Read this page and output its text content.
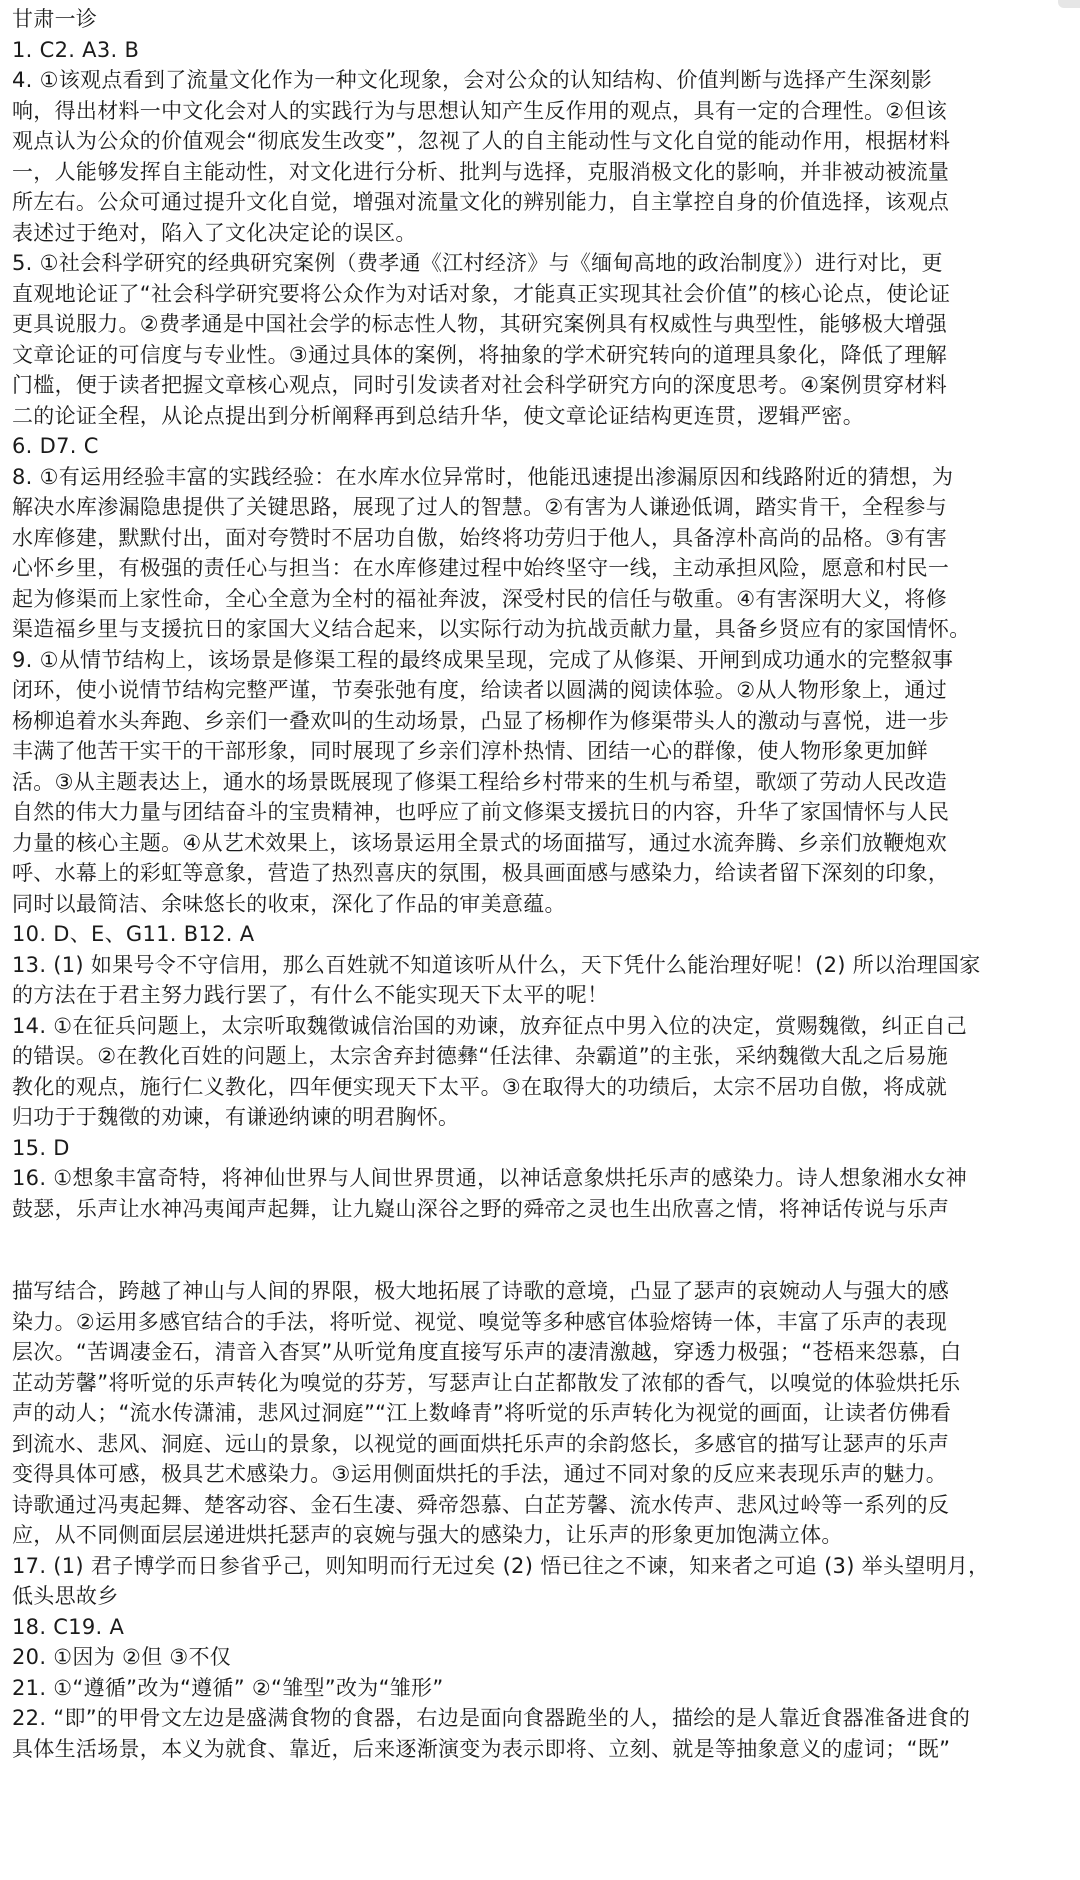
甘肃一诊
1. C2. A3. B
4. ①该观点看到了流量文化作为一种文化现象，会对公众的认知结构、价值判断与选择产生深刻影
响，得出材料一中文化会对人的实践行为与思想认知产生反作用的观点，具有一定的合理性。②但该
观点认为公众的价值观会“彻底发生改变”，忽视了人的自主能动性与文化自觉的能动作用，根据材料
一，人能够发挥自主能动性，对文化进行分析、批判与选择，克服消极文化的影响，并非被动被流量
所左右。公众可通过提升文化自觉，增强对流量文化的辨别能力，自主掌控自身的价值选择，该观点
表述过于绝对，陷入了文化决定论的误区。
5. ①社会科学研究的经典研究案例（费孝通《江村经济》与《缅甸高地的政治制度》）进行对比，更
直观地论证了“社会科学研究要将公众作为对话对象，才能真正实现其社会价值”的核心论点，使论证
更具说服力。②费孝通是中国社会学的标志性人物，其研究案例具有权威性与典型性，能够极大增强
文章论证的可信度与专业性。③通过具体的案例，将抽象的学术研究转向的道理具象化，降低了理解
门槛，便于读者把握文章核心观点，同时引发读者对社会科学研究方向的深度思考。④案例贯穿材料
二的论证全程，从论点提出到分析阐释再到总结升华，使文章论证结构更连贯，逻辑严密。
6. D7. C
8. ①有运用经验丰富的实践经验：在水库水位异常时，他能迅速提出渗漏原因和线路附近的猜想，为
解决水库渗漏隐患提供了关键思路，展现了过人的智慧。②有害为人谦逊低调，踏实肯干，全程参与
水库修建，默默付出，面对夸赞时不居功自傲，始终将功劳归于他人，具备淳朴高尚的品格。③有害
心怀乡里，有极强的责任心与担当：在水库修建过程中始终坚守一线，主动承担风险，愿意和村民一
起为修渠而上家性命，全心全意为全村的福祉奔波，深受村民的信任与敬重。④有害深明大义，将修
渠造福乡里与支援抗日的家国大义结合起来，以实际行动为抗战贡献力量，具备乡贤应有的家国情怀。
9. ①从情节结构上，该场景是修渠工程的最终成果呈现，完成了从修渠、开闸到成功通水的完整叙事
闭环，使小说情节结构完整严谨，节奏张弛有度，给读者以圆满的阅读体验。②从人物形象上，通过
杨柳追着水头奔跑、乡亲们一叠欢叫的生动场景，凸显了杨柳作为修渠带头人的激动与喜悦，进一步
丰满了他苦干实干的干部形象，同时展现了乡亲们淳朴热情、团结一心的群像，使人物形象更加鲜
活。③从主题表达上，通水的场景既展现了修渠工程给乡村带来的生机与希望，歌颂了劳动人民改造
自然的伟大力量与团结奋斗的宝贵精神，也呼应了前文修渠支援抗日的内容，升华了家国情怀与人民
力量的核心主题。④从艺术效果上，该场景运用全景式的场面描写，通过水流奔腾、乡亲们放鞭炮欢
呼、水幕上的彩虹等意象，营造了热烈喜庆的氛围，极具画面感与感染力，给读者留下深刻的印象，
同时以最简洁、余味悠长的收束，深化了作品的审美意蕴。
10. D、E、G11. B12. A
13. (1) 如果号令不守信用，那么百姓就不知道该听从什么，天下凭什么能治理好呢！(2) 所以治理国家
的方法在于君主努力践行罢了，有什么不能实现天下太平的呢！
14. ①在征兵问题上，太宗听取魏徵诚信治国的劝谏，放弃征点中男入位的决定，赏赐魏徵，纠正自己
的错误。②在教化百姓的问题上，太宗舍弃封德彝“任法律、杂霸道”的主张，采纳魏徵大乱之后易施
教化的观点，施行仁义教化，四年便实现天下太平。③在取得大的功绩后，太宗不居功自傲，将成就
归功于于魏徵的劝谏，有谦逊纳谏的明君胸怀。
15. D
16. ①想象丰富奇特，将神仙世界与人间世界贯通，以神话意象烘托乐声的感染力。诗人想象湘水女神
鼓瑟，乐声让水神冯夷闻声起舞，让九嶷山深谷之野的舜帝之灵也生出欣喜之情，将神话传说与乐声
描写结合，跨越了神山与人间的界限，极大地拓展了诗歌的意境，凸显了瑟声的哀婉动人与强大的感
染力。②运用多感官结合的手法，将听觉、视觉、嗅觉等多种感官体验熔铸一体，丰富了乐声的表现
层次。“苦调凄金石，清音入杳冥”从听觉角度直接写乐声的凄清激越，穿透力极强；“苍梧来怨慕，白
芷动芳馨”将听觉的乐声转化为嗅觉的芬芳，写瑟声让白芷都散发了浓郁的香气，以嗅觉的体验烘托乐
声的动人；“流水传潇浦，悲风过洞庭”“江上数峰青”将听觉的乐声转化为视觉的画面，让读者仿佛看
到流水、悲风、洞庭、远山的景象，以视觉的画面烘托乐声的余韵悠长，多感官的描写让瑟声的乐声
变得具体可感，极具艺术感染力。③运用侧面烘托的手法，通过不同对象的反应来表现乐声的魅力。
诗歌通过冯夷起舞、楚客动容、金石生凄、舜帝怨慕、白芷芳馨、流水传声、悲风过岭等一系列的反
应，从不同侧面层层递进烘托瑟声的哀婉与强大的感染力，让乐声的形象更加饱满立体。
17. (1) 君子博学而日参省乎己，则知明而行无过矣 (2) 悟已往之不谏，知来者之可追 (3) 举头望明月，
低头思故乡
18. C19. A
20. ①因为 ②但 ③不仅
21. ①“遵循”改为“遵循” ②“雏型”改为“雏形”
22. “即”的甲骨文左边是盛满食物的食器，右边是面向食器跪坐的人，描绘的是人靠近食器准备进食的
具体生活场景，本义为就食、靠近，后来逐渐演变为表示即将、立刻、就是等抽象意义的虚词；“既”
